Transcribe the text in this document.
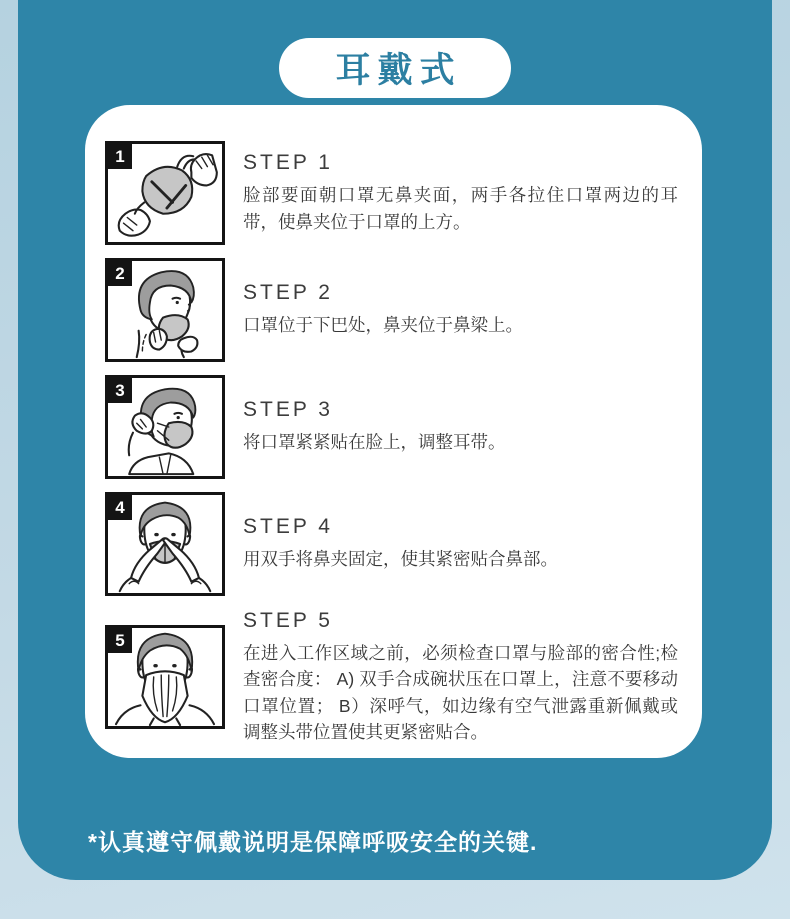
耳戴式
1	STEP 1

脸部要面朝口罩无鼻夹面，两手各拉住口罩两边的耳带，使鼻夹位于口罩的上方。

2

STEP 2

口罩位于下巴处，鼻夹位于鼻梁上。

3

STEP 3

将口罩紧紧贴在脸上，调整耳带。

4

STEP 4

用双手将鼻夹固定，使其紧密贴合鼻部。

5

STEP 5

在进入工作区域之前，必须检查口罩与脸部的密合性;检查密合度： A) 双手合成碗状压在口罩上，注意不要移动口罩位置； B）深呼气，如边缘有空气泄露重新佩戴或调整头带位置使其更紧密贴合。

*认真遵守佩戴说明是保障呼吸安全的关键.
